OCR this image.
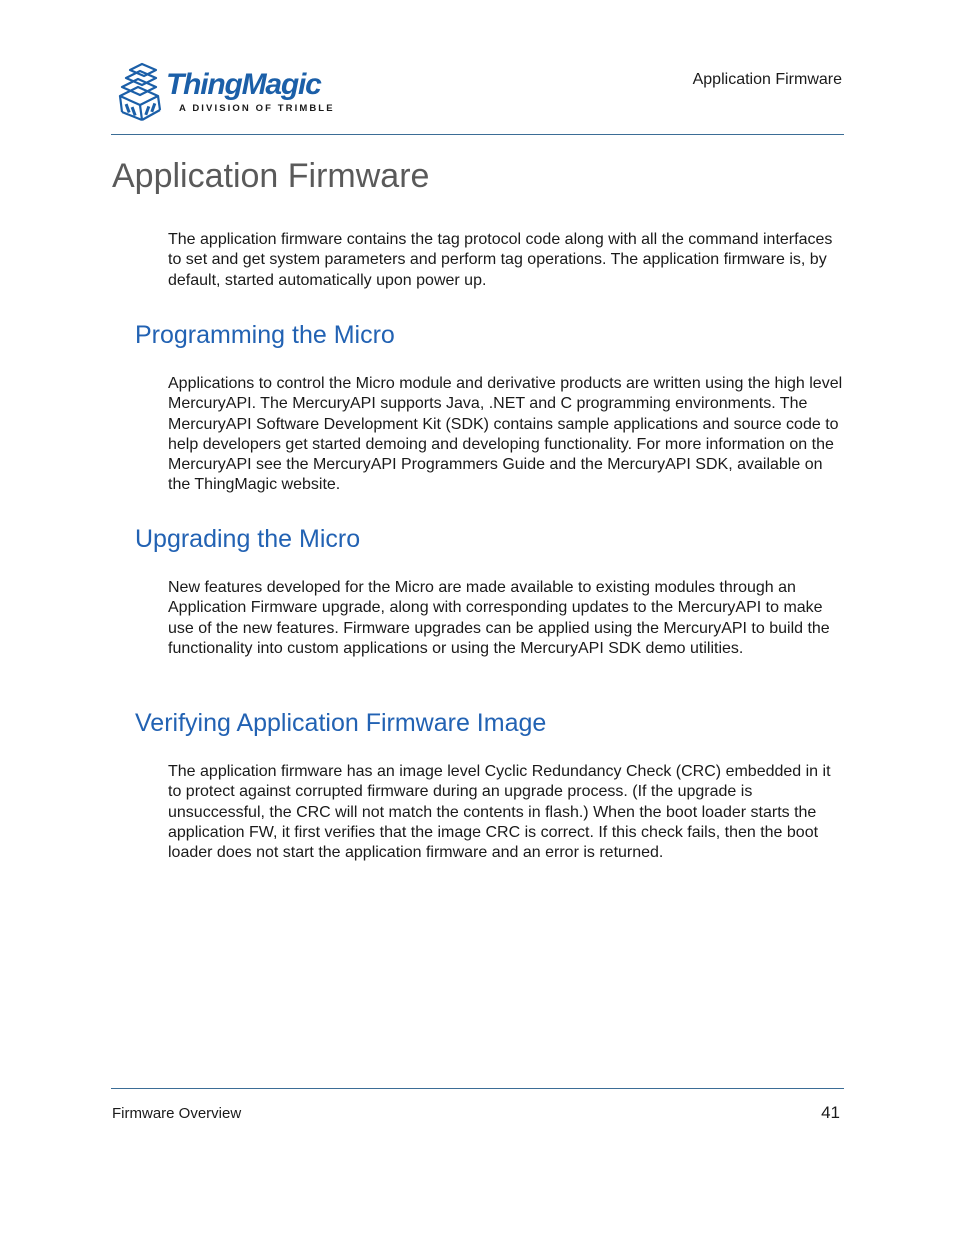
ThingMagic
A DIVISION OF TRIMBLE
Application Firmware
Application Firmware

The application firmware contains the tag protocol code along with all the command interfaces to set and get system parameters and perform tag operations. The application firmware is, by default, started automatically upon power up.

Programming the Micro

Applications to control the Micro module and derivative products are written using the high level MercuryAPI. The MercuryAPI supports Java, .NET and C programming environments. The MercuryAPI Software Development Kit (SDK) contains sample applications and source code to help developers get started demoing and developing functionality. For more information on the MercuryAPI see the MercuryAPI Programmers Guide and the MercuryAPI SDK, available on the ThingMagic website.

Upgrading the Micro

New features developed for the Micro are made available to existing modules through an Application Firmware upgrade, along with corresponding updates to the MercuryAPI to make use of the new features. Firmware upgrades can be applied using the MercuryAPI to build the functionality into custom applications or using the MercuryAPI SDK demo utilities.

Verifying Application Firmware Image

The application firmware has an image level Cyclic Redundancy Check (CRC) embedded in it to protect against corrupted firmware during an upgrade process. (If the upgrade is unsuccessful, the CRC will not match the contents in flash.) When the boot loader starts the application FW, it first verifies that the image CRC is correct. If this check fails, then the boot loader does not start the application firmware and an error is returned.

Firmware Overview	41
